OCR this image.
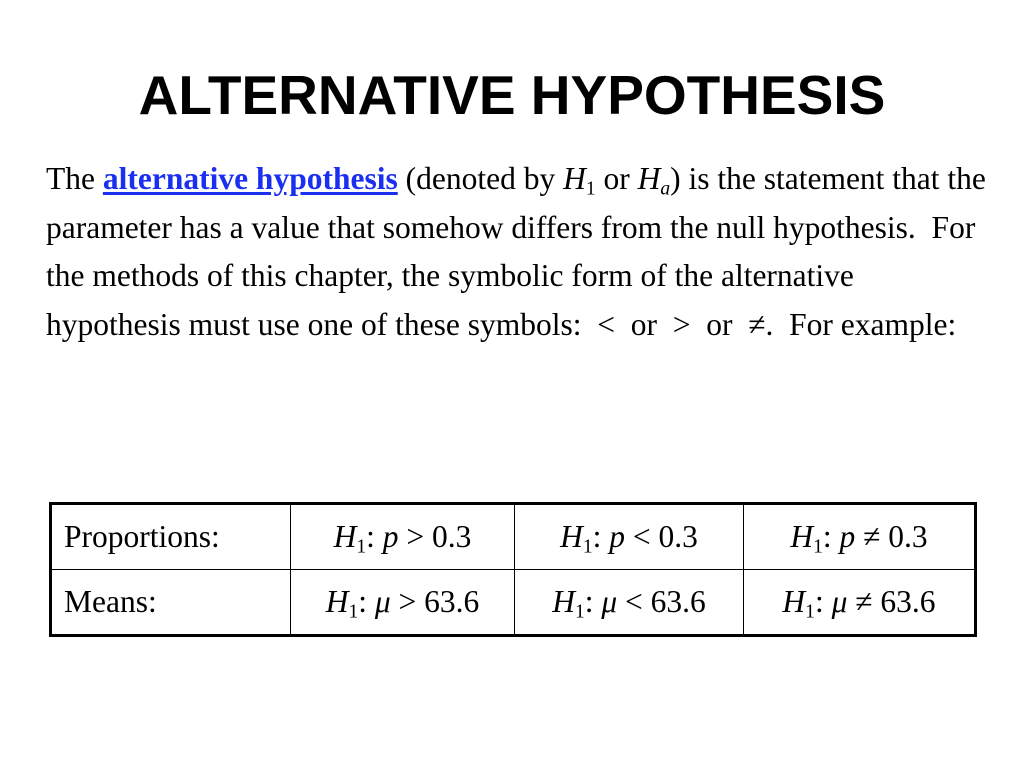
ALTERNATIVE HYPOTHESIS

The alternative hypothesis (denoted by $H_1$ or $H_a$) is the statement that the parameter has a value that somehow differs from the null hypothesis.  For the methods of this chapter, the symbolic form of the alternative hypothesis must use one of these symbols:  <  or  >  or  ≠.  For example:

Proportions:	$H_1$: p > 0.3	$H_1$: p < 0.3	$H_1$: p ≠ 0.3
Means:	$H_1$: μ > 63.6	$H_1$: μ < 63.6	$H_1$: μ ≠ 63.6
